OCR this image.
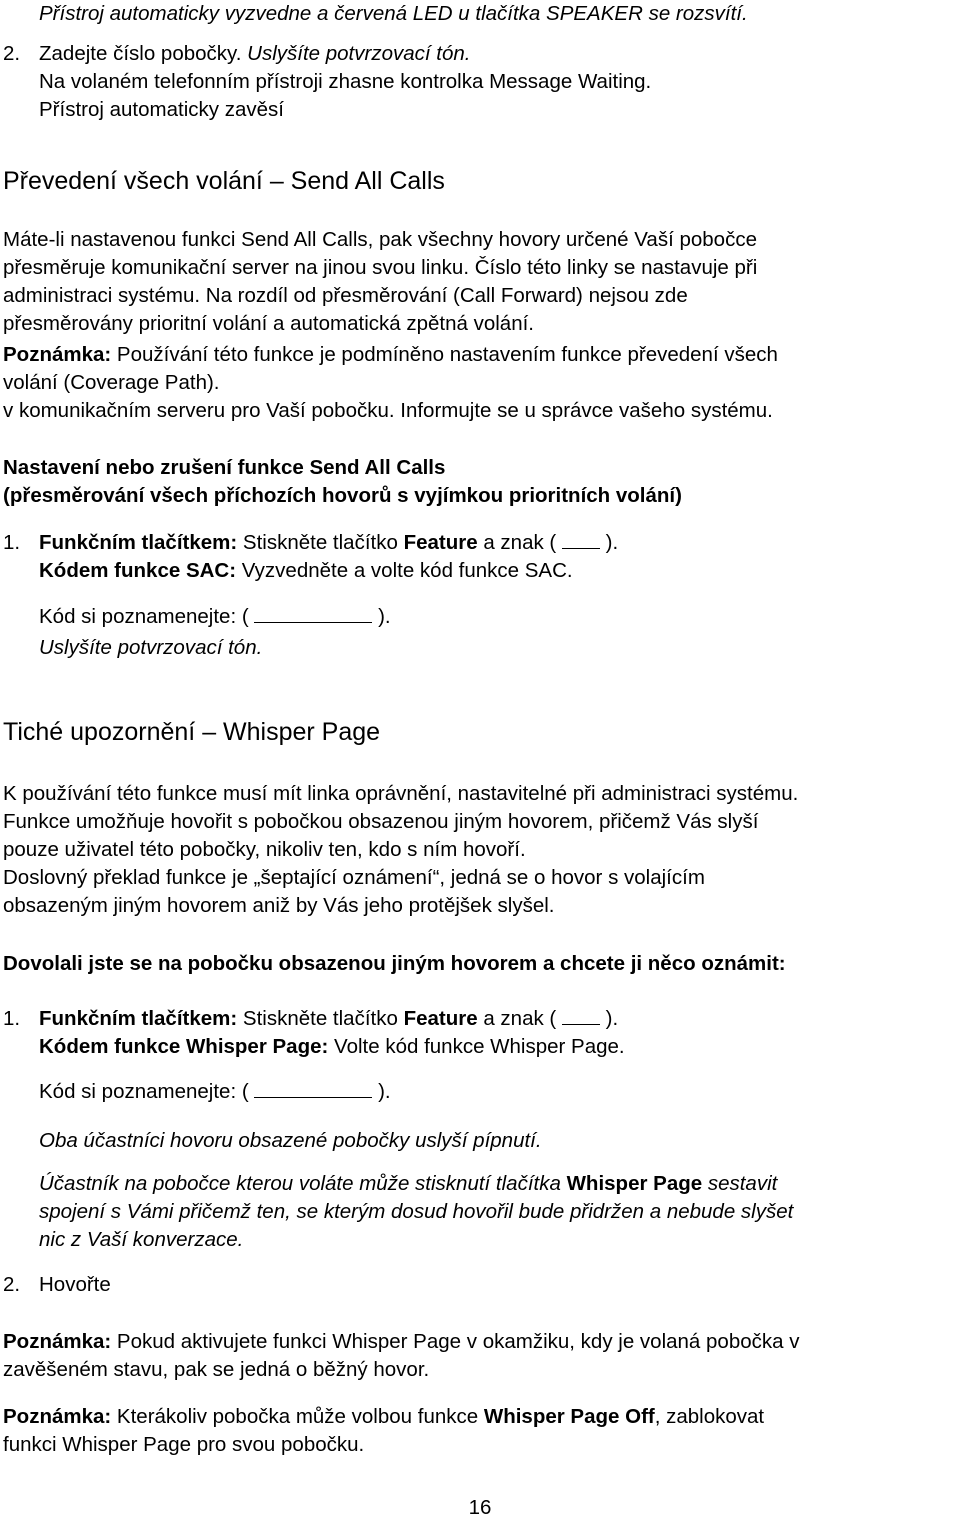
Přístroj automaticky vyzvedne a červená LED u tlačítka SPEAKER se rozsvítí.
2. Zadejte číslo pobočky. Uslyšíte potvrzovací tón.
Na volaném telefonním přístroji zhasne kontrolka Message Waiting.
Přístroj automaticky zavěsí
Převedení všech volání – Send All Calls
Máte-li nastavenou funkci Send All Calls, pak všechny hovory určené Vaší pobočce
přesměruje komunikační server na jinou svou linku. Číslo této linky se nastavuje při
administraci systému. Na rozdíl od přesměrování (Call Forward) nejsou zde
přesměrovány prioritní volání a automatická zpětná volání.
Poznámka: Používání této funkce je podmíněno nastavením funkce převedení všech
volání (Coverage Path).
v komunikačním serveru pro Vaší pobočku. Informujte se u správce vašeho systému.
Nastavení nebo zrušení funkce Send All Calls
(přesměrování všech příchozích hovorů s vyjímkou prioritních volání)
1. Funkčním tlačítkem: Stiskněte tlačítko Feature a znak ( ).
Kódem funkce SAC: Vyzvedněte a volte kód funkce SAC.
Kód si poznamenejte: (	).
Uslyšíte potvrzovací tón.
Tiché upozornění – Whisper Page
K používání této funkce musí mít linka oprávnění, nastavitelné při administraci systému.
Funkce umožňuje hovořit s pobočkou obsazenou jiným hovorem, přičemž Vás slyší
pouze uživatel této pobočky, nikoliv ten, kdo s ním hovoří.
Doslovný překlad funkce je „šeptající oznámení“, jedná se o hovor s volajícím
obsazeným jiným hovorem aniž by Vás jeho protějšek slyšel.
Dovolali jste se na pobočku obsazenou jiným hovorem a chcete ji něco oznámit:
1. Funkčním tlačítkem: Stiskněte tlačítko Feature a znak ( ).
Kódem funkce Whisper Page: Volte kód funkce Whisper Page.
Kód si poznamenejte: (	).
Oba účastníci hovoru obsazené pobočky uslyší pípnutí.
Účastník na pobočce kterou voláte může stisknutí tlačítka Whisper Page sestavit
spojení s Vámi přičemž ten, se kterým dosud hovořil bude přidržen a nebude slyšet
nic z Vaší konverzace.
2. Hovořte
Poznámka: Pokud aktivujete funkci Whisper Page v okamžiku, kdy je volaná pobočka v
zavěšeném stavu, pak se jedná o běžný hovor.
Poznámka: Kterákoliv pobočka může volbou funkce Whisper Page Off, zablokovat
funkci Whisper Page pro svou pobočku.
16
